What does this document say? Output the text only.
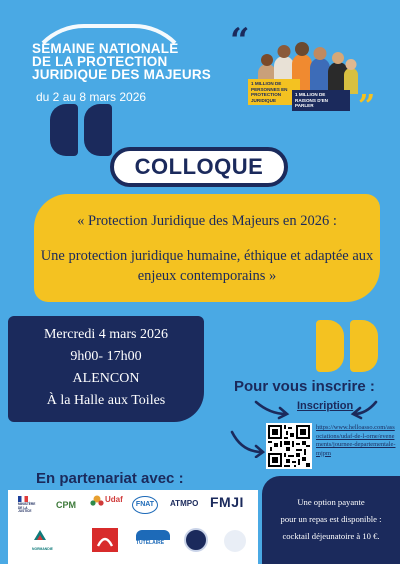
SEMAINE NATIONALE
DE LA PROTECTION
JURIDIQUE DES MAJEURS
du 2 au 8 mars 2026
“
1 MILLION DE PERSONNES EN PROTECTION JURIDIQUE
1 MILLION DE RAISONS D'EN PARLER	”
COLLOQUE
« Protection Juridique des Majeurs en 2026 :
Une protection juridique humaine, éthique et adaptée aux enjeux contemporains »
Mercredi 4 mars 2026
9h00- 17h00
ALENCON
À la Halle aux Toiles
Pour vous inscrire :
Inscription
https://www.helloasso.com/associations/udaf-de-l-orne/evenements/journee-departementale-mjpm
En partenariat avec :
MINISTÈRE DE LA JUSTICE
CPM
Udaf
FNAT	ATMPO FMJI
NORMANDIE
TUTELAIRE
Une option payante
pour un repas est disponible :
cocktail déjeunatoire à 10 €.
